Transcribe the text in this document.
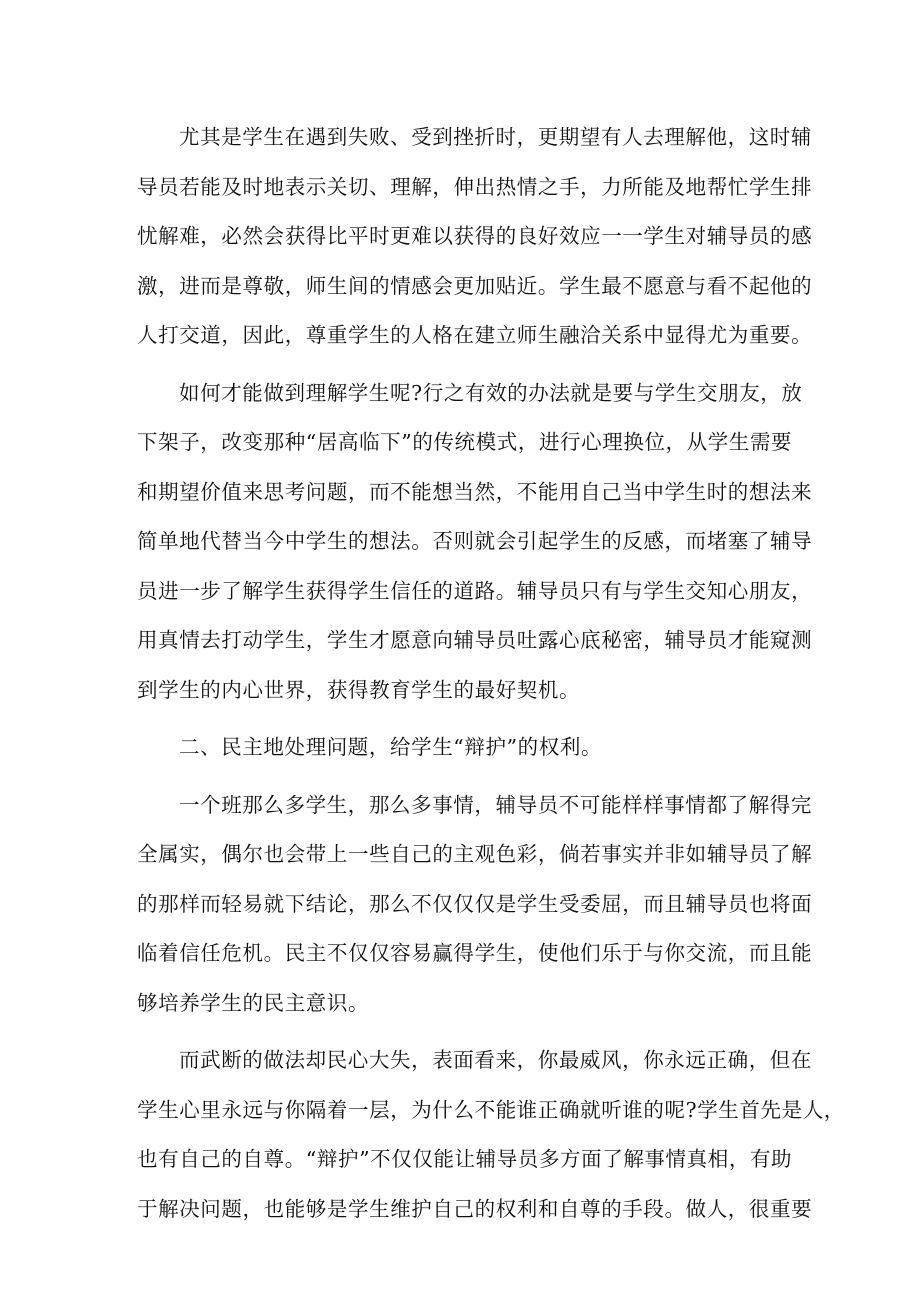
尤其是学生在遇到失败、受到挫折时，更期望有人去理解他，这时辅
导员若能及时地表示关切、理解，伸出热情之手，力所能及地帮忙学生排
忧解难，必然会获得比平时更难以获得的良好效应一一学生对辅导员的感
激，进而是尊敬，师生间的情感会更加贴近。学生最不愿意与看不起他的
人打交道，因此，尊重学生的人格在建立师生融洽关系中显得尤为重要。
如何才能做到理解学生呢?行之有效的办法就是要与学生交朋友，放
下架子，改变那种“居高临下”的传统模式，进行心理换位，从学生需要
和期望价值来思考问题，而不能想当然，不能用自己当中学生时的想法来
简单地代替当今中学生的想法。否则就会引起学生的反感，而堵塞了辅导
员进一步了解学生获得学生信任的道路。辅导员只有与学生交知心朋友，
用真情去打动学生，学生才愿意向辅导员吐露心底秘密，辅导员才能窥测
到学生的内心世界，获得教育学生的最好契机。
二、民主地处理问题，给学生“辩护”的权利。
一个班那么多学生，那么多事情，辅导员不可能样样事情都了解得完
全属实，偶尔也会带上一些自己的主观色彩，倘若事实并非如辅导员了解
的那样而轻易就下结论，那么不仅仅仅是学生受委屈，而且辅导员也将面
临着信任危机。民主不仅仅容易赢得学生，使他们乐于与你交流，而且能
够培养学生的民主意识。
而武断的做法却民心大失，表面看来，你最威风，你永远正确，但在
学生心里永远与你隔着一层，为什么不能谁正确就听谁的呢?学生首先是人，
也有自己的自尊。“辩护”不仅仅能让辅导员多方面了解事情真相，有助
于解决问题，也能够是学生维护自己的权利和自尊的手段。做人，很重要
